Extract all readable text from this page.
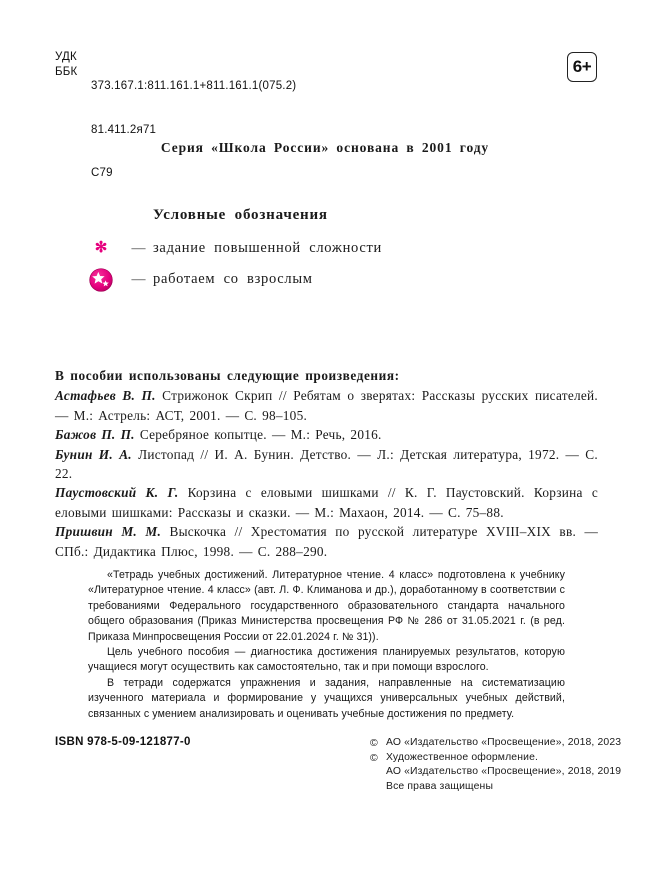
УДК
ББК

373.167.1:811.161.1+811.161.1(075.2)

81.411.2я71

С79

6+
Серия «Школа России» основана в 2001 году
Условные обозначения
✻	— задание повышенной сложности
— работаем со взрослым
В пособии использованы следующие произведения:
Астафьев В. П. Стрижонок Скрип // Ребятам о зверятах: Рассказы русских писателей. — М.: Астрель: АСТ, 2001. — С. 98–105.
Бажов П. П. Серебряное копытце. — М.: Речь, 2016.
Бунин И. А. Листопад // И. А. Бунин. Детство. — Л.: Детская литература, 1972. — С. 22.
Паустовский К. Г. Корзина с еловыми шишками // К. Г. Паустовский. Корзина с еловыми шишками: Рассказы и сказки. — М.: Махаон, 2014. — С. 75–88.
Пришвин М. М. Выскочка // Хрестоматия по русской литературе XVIII–XIX вв. — СПб.: Дидактика Плюс, 1998. — С. 288–290.

«Тетрадь учебных достижений. Литературное чтение. 4 класс» подготовлена к учебнику «Литературное чтение. 4 класс» (авт. Л. Ф. Климанова и др.), доработанному в соответствии с требованиями Федерального государственного образовательного стандарта начального общего образования (Приказ Министерства просвещения РФ № 286 от 31.05.2021 г. (в ред. Приказа Минпросвещения России от 22.01.2024 г. № 31)).

Цель учебного пособия — диагностика достижения планируемых результатов, которую учащиеся могут осуществить как самостоятельно, так и при помощи взрослого.

В тетради содержатся упражнения и задания, направленные на систематизацию изученного материала и формирование у учащихся универсальных учебных действий, связанных с умением анализировать и оценивать учебные достижения по предмету.

ISBN 978-5-09-121877-0	© АО «Издательство «Просвещение», 2018, 2023
© Художественное оформление.
АО «Издательство «Просвещение», 2018, 2019
Все права защищены
